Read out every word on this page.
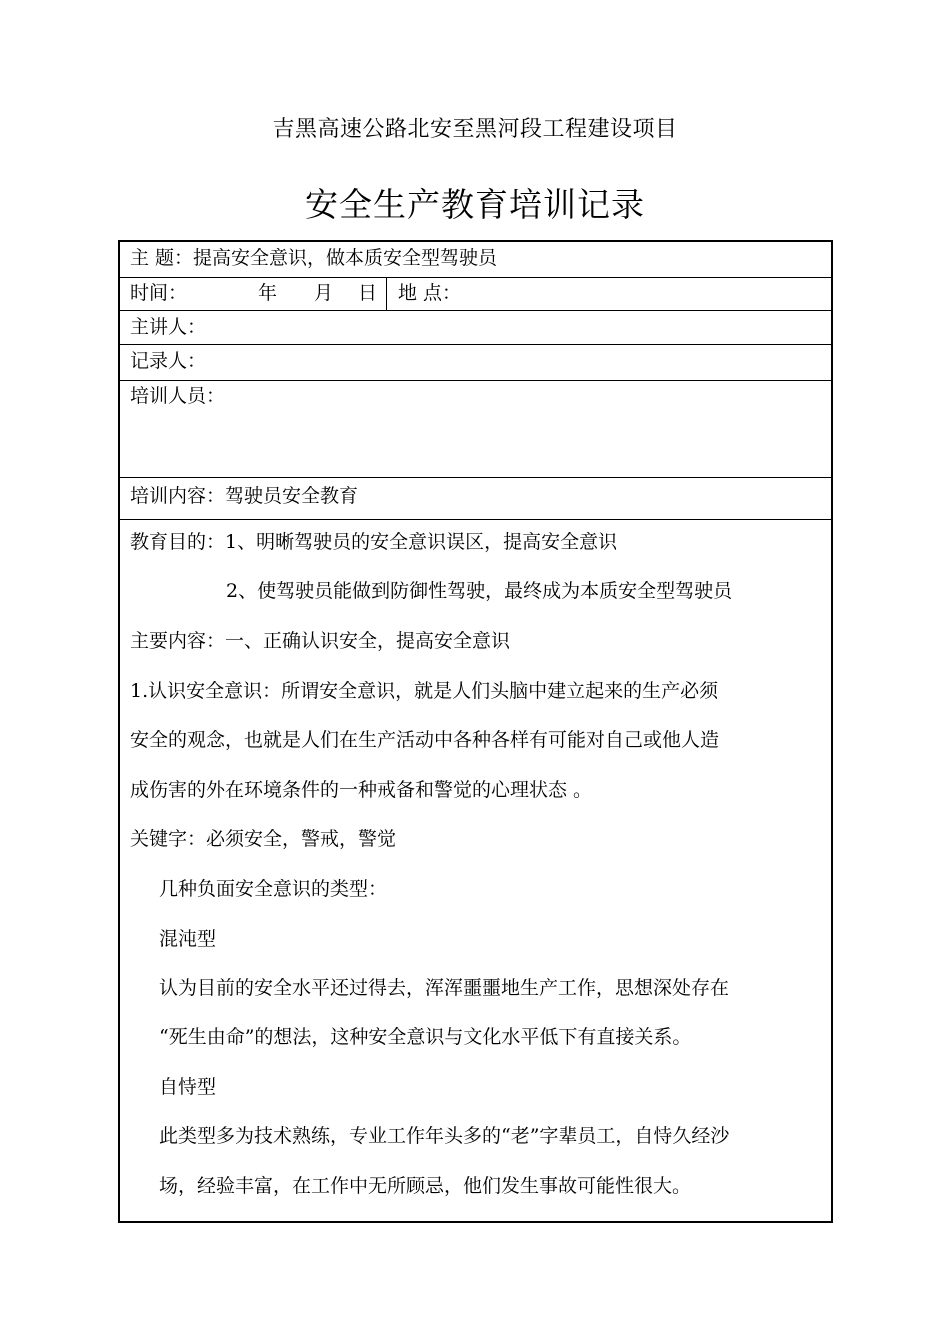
吉黑高速公路北安至黑河段工程建设项目
安全生产教育培训记录
主 题：提高安全意识，做本质安全型驾驶员
时间：	年 月 日 地 点：
主讲人：
记录人：
培训人员：
培训内容：驾驶员安全教育
教育目的：1、明晰驾驶员的安全意识误区，提高安全意识
2、使驾驶员能做到防御性驾驶，最终成为本质安全型驾驶员
主要内容：一、正确认识安全，提高安全意识
1.认识安全意识：所谓安全意识，就是人们头脑中建立起来的生产必须
安全的观念，也就是人们在生产活动中各种各样有可能对自己或他人造
成伤害的外在环境条件的一种戒备和警觉的心理状态 。
关键字：必须安全，警戒，警觉
几种负面安全意识的类型：
混沌型
认为目前的安全水平还过得去，浑浑噩噩地生产工作，思想深处存在
“死生由命”的想法，这种安全意识与文化水平低下有直接关系。
自恃型
此类型多为技术熟练，专业工作年头多的“老”字辈员工，自恃久经沙
场，经验丰富，在工作中无所顾忌，他们发生事故可能性很大。
